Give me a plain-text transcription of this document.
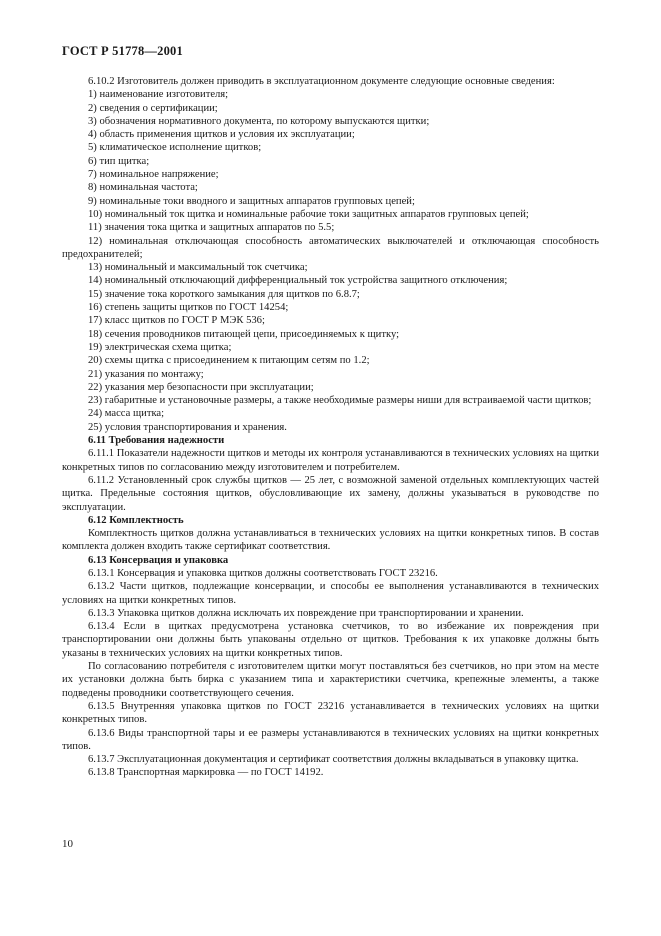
ГОСТ Р 51778—2001

6.10.2 Изготовитель должен приводить в эксплуатационном документе следующие основные сведения:

1) наименование изготовителя;

2) сведения о сертификации;

3) обозначения нормативного документа, по которому выпускаются щитки;

4) область применения щитков и условия их эксплуатации;

5) климатическое исполнение щитков;

6) тип щитка;

7) номинальное напряжение;

8) номинальная частота;

9) номинальные токи вводного и защитных аппаратов групповых цепей;

10) номинальный ток щитка и номинальные рабочие токи защитных аппаратов групповых цепей;

11) значения тока щитка и защитных аппаратов по 5.5;

12) номинальная отключающая способность автоматических выключателей и отключающая способность предохранителей;

13) номинальный и максимальный ток счетчика;

14) номинальный отключающий дифференциальный ток устройства защитного отключения;

15) значение тока короткого замыкания для щитков по 6.8.7;

16) степень защиты щитков по ГОСТ 14254;

17) класс щитков по ГОСТ Р МЭК 536;

18) сечения проводников питающей цепи, присоединяемых к щитку;

19) электрическая схема щитка;

20) схемы щитка с присоединением к питающим сетям по 1.2;

21) указания по монтажу;

22) указания мер безопасности при эксплуатации;

23) габаритные и установочные размеры, а также необходимые размеры ниши для встраиваемой части щитков;

24) масса щитка;

25) условия транспортирования и хранения.

6.11 Требования надежности

6.11.1 Показатели надежности щитков и методы их контроля устанавливаются в технических условиях на щитки конкретных типов по согласованию между изготовителем и потребителем.

6.11.2 Установленный срок службы щитков — 25 лет, с возможной заменой отдельных комплектующих частей щитка. Предельные состояния щитков, обусловливающие их замену, должны указываться в руководстве по эксплуатации.

6.12 Комплектность

Комплектность щитков должна устанавливаться в технических условиях на щитки конкретных типов. В состав комплекта должен входить также сертификат соответствия.

6.13 Консервация и упаковка

6.13.1 Консервация и упаковка щитков должны соответствовать ГОСТ 23216.

6.13.2 Части щитков, подлежащие консервации, и способы ее выполнения устанавливаются в технических условиях на щитки конкретных типов.

6.13.3 Упаковка щитков должна исключать их повреждение при транспортировании и хранении.

6.13.4 Если в щитках предусмотрена установка счетчиков, то во избежание их повреждения при транспортировании они должны быть упакованы отдельно от щитков. Требования к их упаковке должны быть указаны в технических условиях на щитки конкретных типов.

По согласованию потребителя с изготовителем щитки могут поставляться без счетчиков, но при этом на месте их установки должна быть бирка с указанием типа и характеристики счетчика, крепежные элементы, а также подведены проводники соответствующего сечения.

6.13.5 Внутренняя упаковка щитков по ГОСТ 23216 устанавливается в технических условиях на щитки конкретных типов.

6.13.6 Виды транспортной тары и ее размеры устанавливаются в технических условиях на щитки конкретных типов.

6.13.7 Эксплуатационная документация и сертификат соответствия должны вкладываться в упаковку щитка.

6.13.8 Транспортная маркировка — по ГОСТ 14192.

10
